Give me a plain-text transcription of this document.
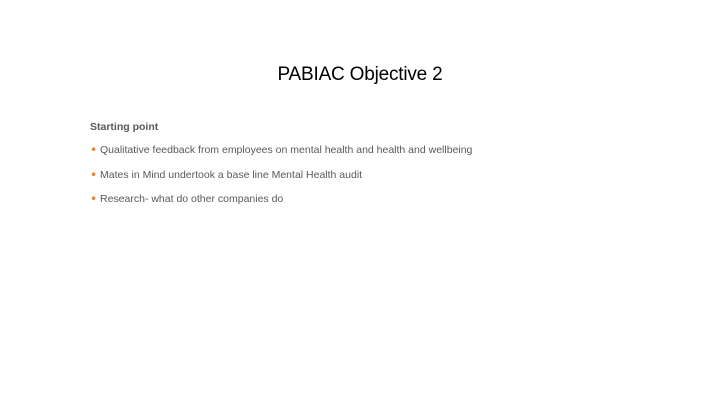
PABIAC Objective 2
Starting point
• Qualitative feedback from employees on mental health and health and wellbeing
• Mates in Mind undertook a base line Mental Health audit
• Research- what do other companies do
